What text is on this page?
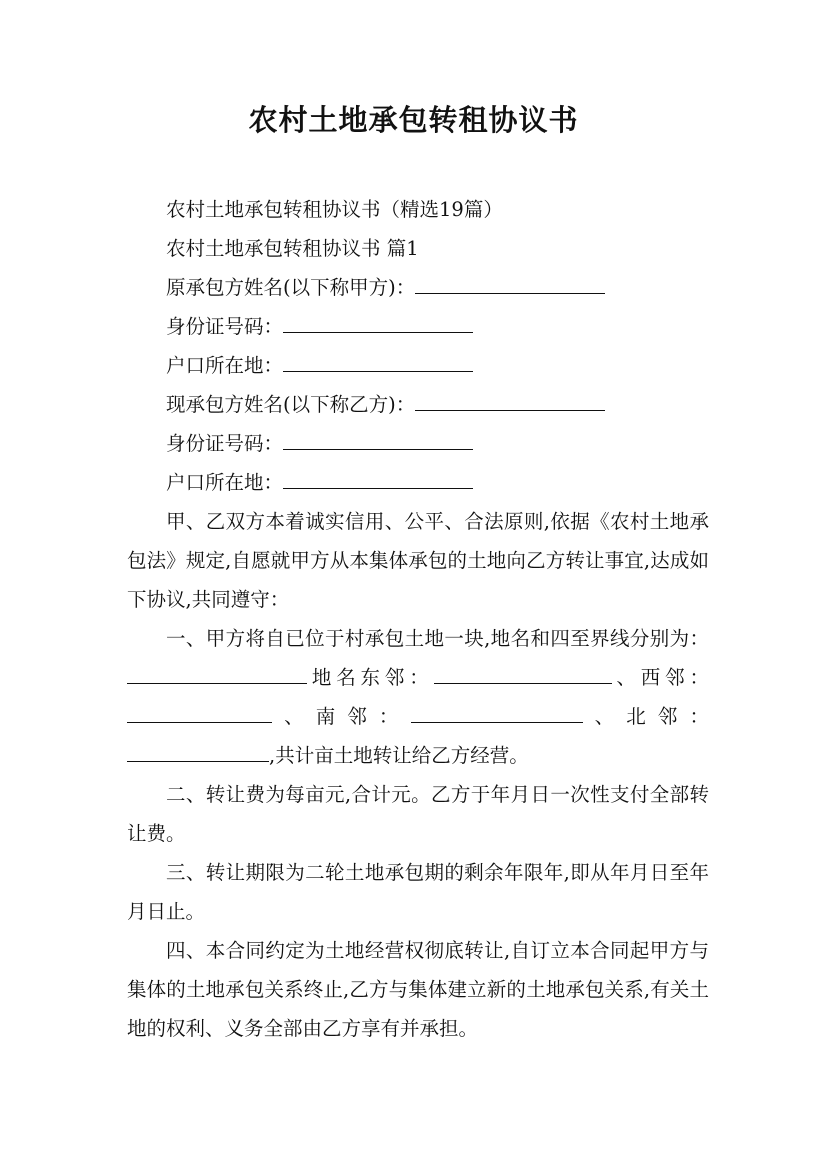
农村土地承包转租协议书

农村土地承包转租协议书（精选19篇）

农村土地承包转租协议书 篇1

原承包方姓名(以下称甲方)：

身份证号码：

户口所在地：

现承包方姓名(以下称乙方)：

身份证号码：

户口所在地：

甲、乙双方本着诚实信用、公平、合法原则,依据《农村土地承包法》规定,自愿就甲方从本集体承包的土地向乙方转让事宜,达成如下协议,共同遵守：

一、甲方将自已位于村承包土地一块,地名和四至界线分别为：地名东邻：	、西邻：、南邻：	、北邻：,共计亩土地转让给乙方经营。

二、转让费为每亩元,合计元。乙方于年月日一次性支付全部转让费。

三、转让期限为二轮土地承包期的剩余年限年,即从年月日至年月日止。

四、本合同约定为土地经营权彻底转让,自订立本合同起甲方与集体的土地承包关系终止,乙方与集体建立新的土地承包关系,有关土地的权利、义务全部由乙方享有并承担。
